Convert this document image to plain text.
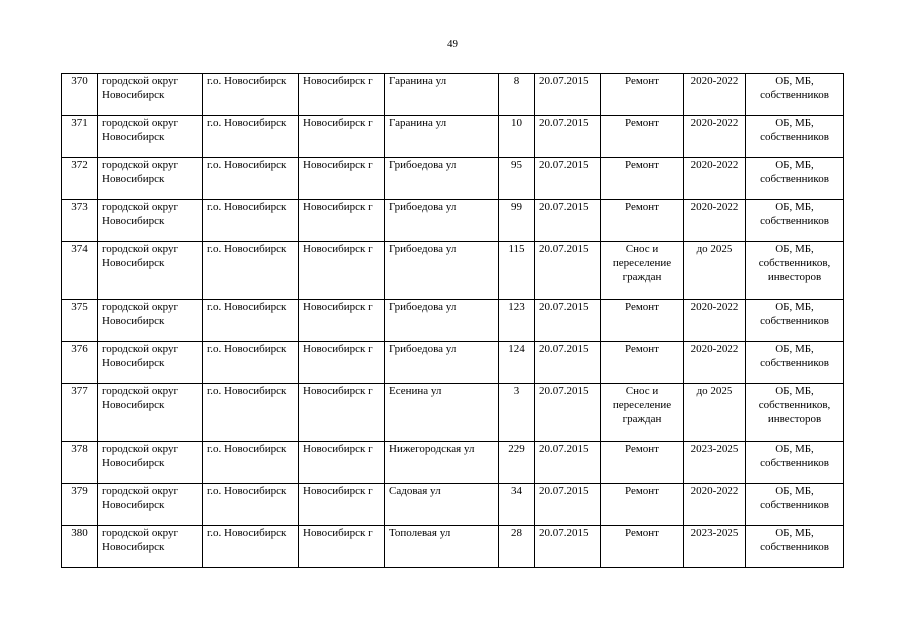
49
370	городской округ Новосибирск	г.о. Новосибирск	Новосибирск г	Гаранина ул	8	20.07.2015	Ремонт	2020-2022	ОБ, МБ, собственников
371	городской округ Новосибирск	г.о. Новосибирск	Новосибирск г	Гаранина ул	10	20.07.2015	Ремонт	2020-2022	ОБ, МБ, собственников
372	городской округ Новосибирск	г.о. Новосибирск	Новосибирск г	Грибоедова ул	95	20.07.2015	Ремонт	2020-2022	ОБ, МБ, собственников
373	городской округ Новосибирск	г.о. Новосибирск	Новосибирск г	Грибоедова ул	99	20.07.2015	Ремонт	2020-2022	ОБ, МБ, собственников
374	городской округ Новосибирск	г.о. Новосибирск	Новосибирск г	Грибоедова ул	115	20.07.2015	Снос и переселение граждан	до 2025	ОБ, МБ, собственников, инвесторов
375	городской округ Новосибирск	г.о. Новосибирск	Новосибирск г	Грибоедова ул	123	20.07.2015	Ремонт	2020-2022	ОБ, МБ, собственников
376	городской округ Новосибирск	г.о. Новосибирск	Новосибирск г	Грибоедова ул	124	20.07.2015	Ремонт	2020-2022	ОБ, МБ, собственников
377	городской округ Новосибирск	г.о. Новосибирск	Новосибирск г	Есенина ул	3	20.07.2015	Снос и переселение граждан	до 2025	ОБ, МБ, собственников, инвесторов
378	городской округ Новосибирск	г.о. Новосибирск	Новосибирск г	Нижегородская ул	229	20.07.2015	Ремонт	2023-2025	ОБ, МБ, собственников
379	городской округ Новосибирск	г.о. Новосибирск	Новосибирск г	Садовая ул	34	20.07.2015	Ремонт	2020-2022	ОБ, МБ, собственников
380	городской округ Новосибирск	г.о. Новосибирск	Новосибирск г	Тополевая ул	28	20.07.2015	Ремонт	2023-2025	ОБ, МБ, собственников
